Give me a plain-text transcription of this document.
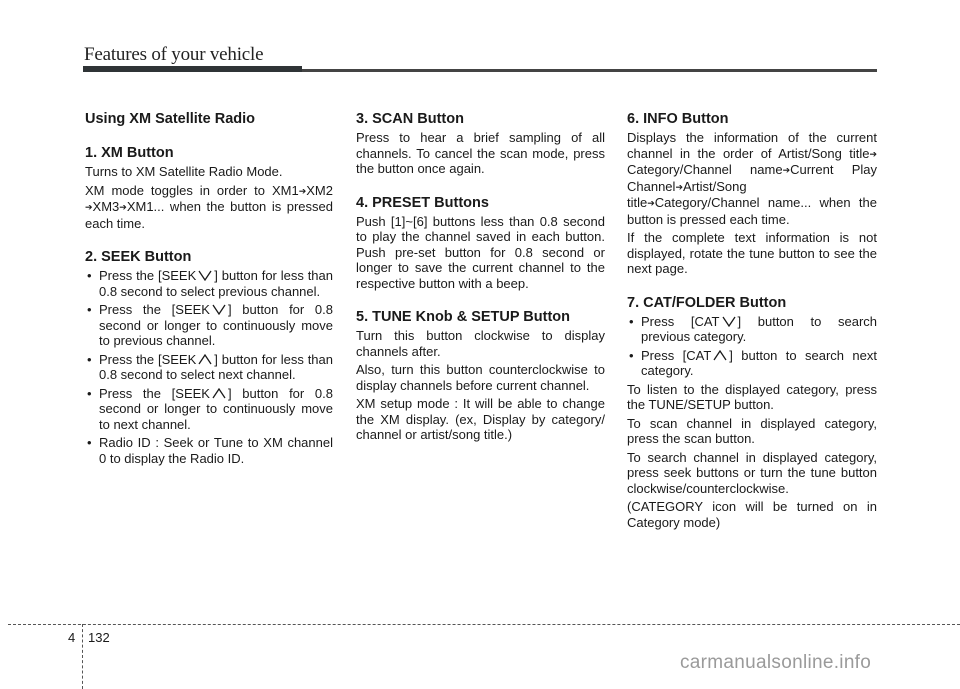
Features of your vehicle
Using XM Satellite Radio
1. XM Button

Turns to XM Satellite Radio Mode.

XM mode toggles in order to XM1➔XM2 ➔XM3➔XM1... when the button is pressed each time.

2. SEEK Button
• Press the [SEEK ] button for less than 0.8 second to select previous channel.
• Press the [SEEK ] button for 0.8 second or longer to continuously move to previous channel.
• Press the [SEEK ] button for less than 0.8 second to select next channel.
• Press the [SEEK ] button for 0.8 second or longer to continuously move to next channel.
• Radio ID : Seek or Tune to XM channel 0 to display the Radio ID.
3. SCAN Button

Press to hear a brief sampling of all channels. To cancel the scan mode, press the button once again.

4. PRESET Buttons

Push [1]~[6] buttons less than 0.8 second to play the channel saved in each button. Push pre-set button for 0.8 second or longer to save the current channel to the respective button with a beep.

5. TUNE Knob & SETUP Button

Turn this button clockwise to display channels after.

Also, turn this button counterclockwise to display channels before current channel.

XM setup mode : It will be able to change the XM display. (ex, Display by category/ channel or artist/song title.)

6. INFO Button

Displays the information of the current channel in the order of Artist/Song title➔ Category/Channel name➔Current Play Channel➔Artist/Song title➔Category/Channel name... when the button is pressed each time.

If the complete text information is not displayed, rotate the tune button to see the next page.

7. CAT/FOLDER Button
• Press [CAT ] button to search previous category.
• Press [CAT ] button to search next category.

To listen to the displayed category, press the TUNE/SETUP button.

To scan channel in displayed category, press the scan button.

To search channel in displayed category, press seek buttons or turn the tune button clockwise/counterclockwise.

(CATEGORY icon will be turned on in Category mode)

4 132
carmanualsonline.info
